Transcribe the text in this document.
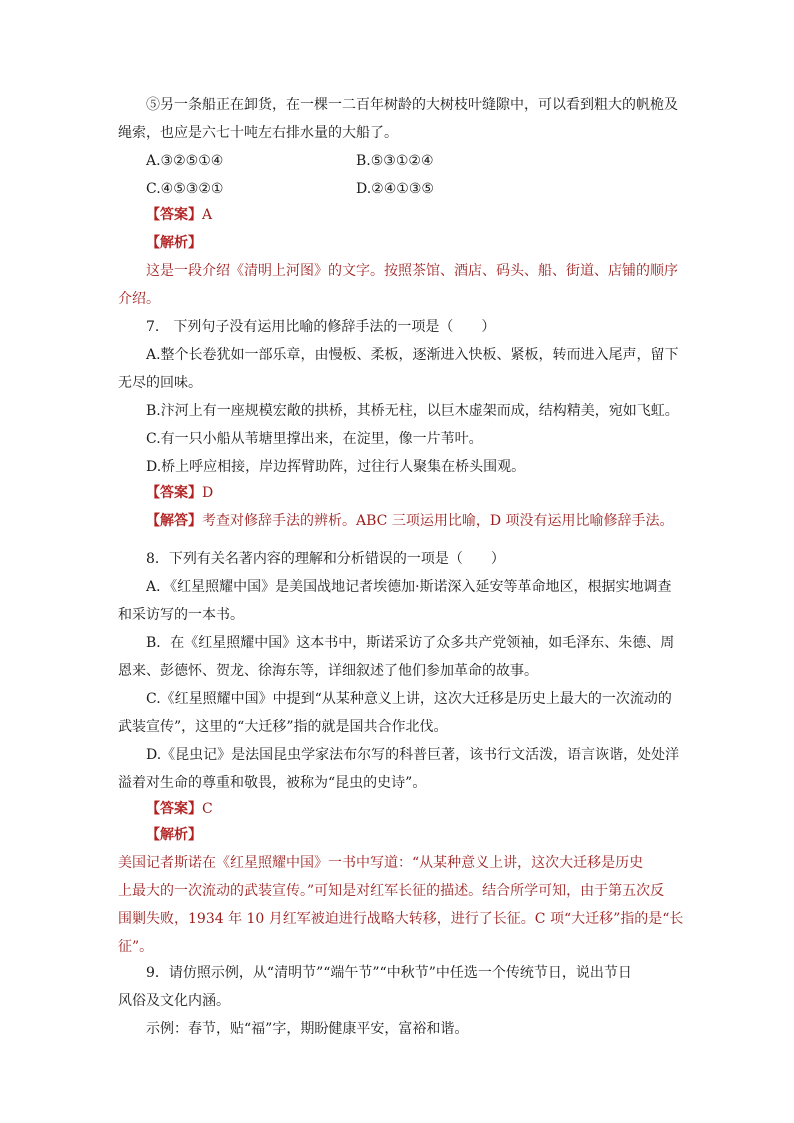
⑤另一条船正在卸货，在一棵一二百年树龄的大树枝叶缝隙中，可以看到粗大的帆桅及
绳索，也应是六七十吨左右排水量的大船了。
A.③②⑤①④	B.⑤③①②④
C.④⑤③②①	D.②④①③⑤
【答案】A
【解析】
这是一段介绍《清明上河图》的文字。按照茶馆、酒店、码头、船、街道、店铺的顺序
介绍。
7.　下列句子没有运用比喻的修辞手法的一项是（　　）
A.整个长卷犹如一部乐章，由慢板、柔板，逐渐进入快板、紧板，转而进入尾声，留下
无尽的回味。
B.汴河上有一座规模宏敞的拱桥，其桥无柱，以巨木虚架而成，结构精美，宛如飞虹。
C.有一只小船从苇塘里撑出来，在淀里，像一片苇叶。
D.桥上呼应相接，岸边挥臂助阵，过往行人聚集在桥头围观。
【答案】D
【解答】考查对修辞手法的辨析。ABC 三项运用比喻，D 项没有运用比喻修辞手法。
8．下列有关名著内容的理解和分析错误的一项是（　　）
A．《红星照耀中国》是美国战地记者埃德加·斯诺深入延安等革命地区，根据实地调查
和采访写的一本书。
B．在《红星照耀中国》这本书中，斯诺采访了众多共产党领袖，如毛泽东、朱德、周
恩来、彭德怀、贺龙、徐海东等，详细叙述了他们参加革命的故事。
C.《红星照耀中国》中提到“从某种意义上讲，这次大迁移是历史上最大的一次流动的
武装宣传”，这里的“大迁移”指的就是国共合作北伐。
D.《昆虫记》是法国昆虫学家法布尔写的科普巨著，该书行文活泼，语言诙谐，处处洋
溢着对生命的尊重和敬畏，被称为“昆虫的史诗”。
【答案】C
【解析】
美国记者斯诺在《红星照耀中国》一书中写道：“从某种意义上讲，这次大迁移是历史
上最大的一次流动的武装宣传。”可知是对红军长征的描述。结合所学可知，由于第五次反
围剿失败，1934 年 10 月红军被迫进行战略大转移，进行了长征。C 项“大迁移”指的是“长
征”。
9．请仿照示例，从“清明节”“端午节”“中秋节”中任选一个传统节日，说出节日
风俗及文化内涵。
示例：春节，贴“福”字，期盼健康平安，富裕和谐。
